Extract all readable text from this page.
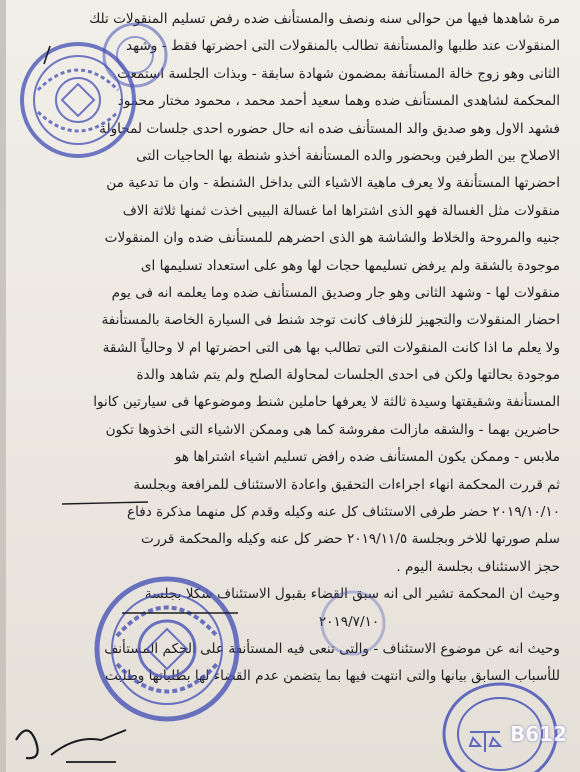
مرة شاهدها فيها من حوالى سنه ونصف والمستأنف ضده رفض تسليم المنقولات تلك
المنقولات عند طلبها والمستأنفة تطالب بالمنقولات التى احضرتها فقط - وشهد
الثانى وهو زوج خالة المستأنفة بمضمون شهادة سابقة - وبذات الجلسة استمعت
المحكمة لشاهدى المستأنف ضده وهما سعيد أحمد محمد ، محمود مختار محمود
فشهد الاول وهو صديق والد المستأنف ضده انه حال حضوره احدى جلسات لمحاولة
الاصلاح بين الطرفين وبحضور والده المستأنفة أخذو شنطة بها الحاجيات التى
احضرتها المستأنفة ولا يعرف ماهية الاشياء التى بداخل الشنطة - وان ما تدعية من
منقولات مثل الغسالة فهو الذى اشتراها اما غسالة البيبى اخذت ثمنها ثلاثة الاف
جنيه والمروحة والخلاط والشاشة هو الذى احضرهم للمستأنف ضده وان المنقولات
موجودة بالشقة ولم يرفض تسليمها حجات لها وهو على استعداد تسليمها اى
منقولات لها - وشهد الثانى وهو جار وصديق المستأنف ضده وما يعلمه انه فى يوم
احضار المنقولات والتجهيز للزفاف كانت توجد شنط فى السيارة الخاصة بالمستأنفة
ولا يعلم ما اذا كانت المنقولات التى تطالب بها هى التى احضرتها ام لا وحالياً الشقة
موجودة بحالتها ولكن فى احدى الجلسات لمحاولة الصلح ولم يتم شاهد والدة
المستأنفة وشقيقتها وسيدة ثالثة لا يعرفها حاملين شنط وموضوعها فى سيارتين كانوا
حاضرين بهما - والشقه مازالت مفروشة كما هى وممكن الاشياء التى اخذوها تكون
ملابس - وممكن يكون المستأنف ضده رافض تسليم اشياء اشتراها هو
ثم قررت المحكمة انهاء اجراءات التحقيق واعادة الاستئناف للمرافعة وبجلسة
٢٠١٩/١٠/١٠ حضر طرفى الاستئناف كل عنه وكيله وقدم كل منهما مذكرة دفاع
سلم صورتها للاخر وبجلسة ٢٠١٩/١١/٥ حضر كل عنه وكيله والمحكمة قررت
حجز الاستئناف بجلسة اليوم .
وحيث ان المحكمة تشير الى انه سبق القضاء بقبول الاستئناف شكلا بجلسة
٢٠١٩/٧/١٠
وحيث انه عن موضوع الاستئناف - والتى تنعى فيه المستأنفة على الحكم المستأنف
للأسباب السابق بيانها والتى انتهت فيها بما يتضمن عدم القضاء لها بطلباتها وطلبت
B612
